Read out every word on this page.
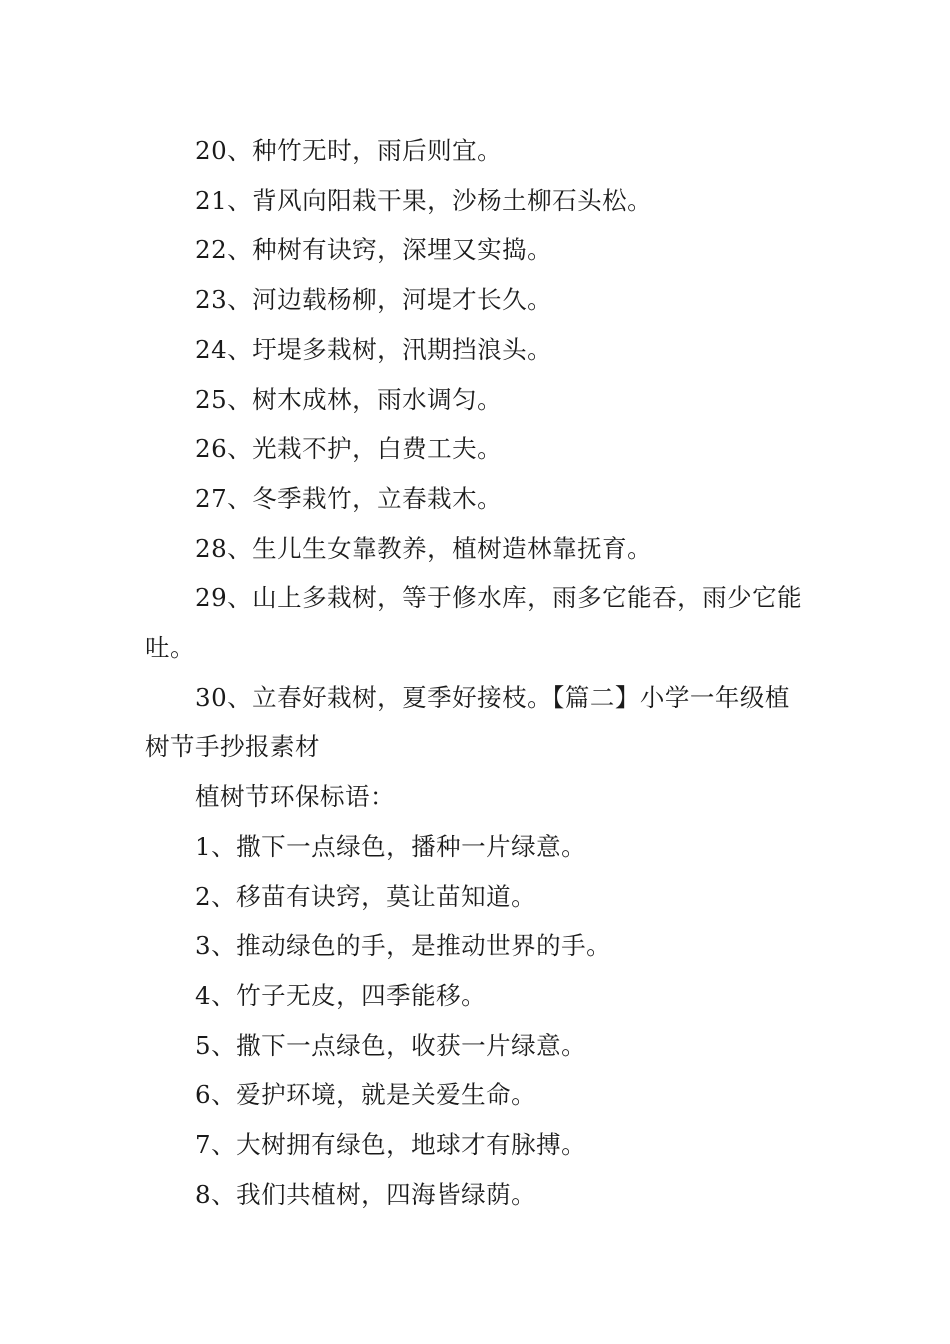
20、种竹无时，雨后则宜。

21、背风向阳栽干果，沙杨土柳石头松。

22、种树有诀窍，深埋又实捣。

23、河边载杨柳，河堤才长久。

24、圩堤多栽树，汛期挡浪头。

25、树木成林，雨水调匀。

26、光栽不护，白费工夫。

27、冬季栽竹，立春栽木。

28、生儿生女靠教养，植树造林靠抚育。

29、山上多栽树，等于修水库，雨多它能吞，雨少它能吐。

30、立春好栽树，夏季好接枝。【篇二】小学一年级植树节手抄报素材

植树节环保标语：

1、撒下一点绿色，播种一片绿意。

2、移苗有诀窍，莫让苗知道。

3、推动绿色的手，是推动世界的手。

4、竹子无皮，四季能移。

5、撒下一点绿色，收获一片绿意。

6、爱护环境，就是关爱生命。

7、大树拥有绿色，地球才有脉搏。

8、我们共植树，四海皆绿荫。
